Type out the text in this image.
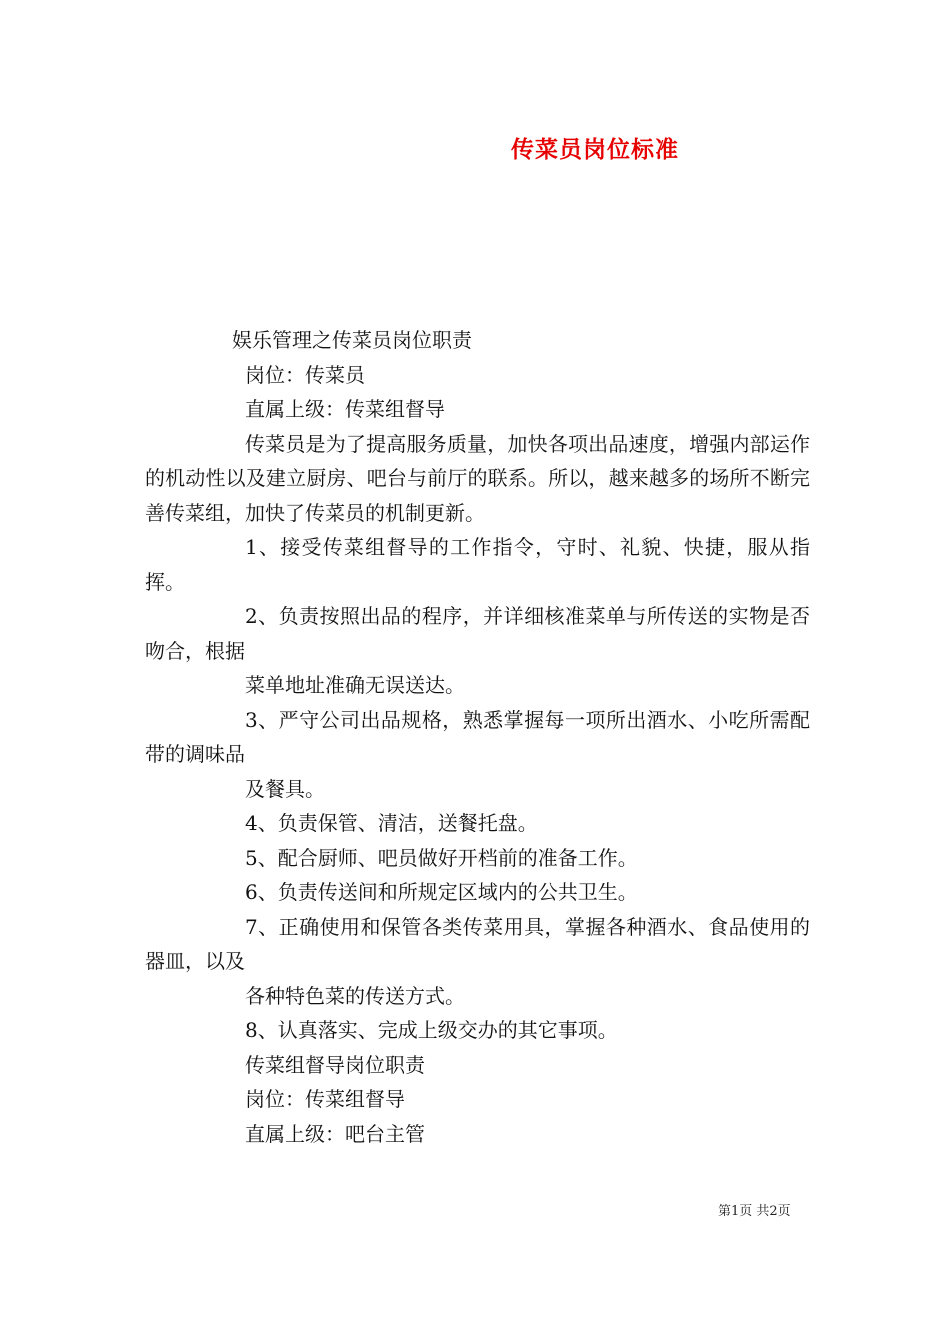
传菜员岗位标准

娱乐管理之传菜员岗位职责

岗位：传菜员

直属上级：传菜组督导

传菜员是为了提高服务质量，加快各项出品速度，增强内部运作的机动性以及建立厨房、吧台与前厅的联系。所以，越来越多的场所不断完善传菜组，加快了传菜员的机制更新。

1、接受传菜组督导的工作指令，守时、礼貌、快捷，服从指挥。

2、负责按照出品的程序，并详细核准菜单与所传送的实物是否吻合，根据

菜单地址准确无误送达。

3、严守公司出品规格，熟悉掌握每一项所出酒水、小吃所需配带的调味品

及餐具。

4、负责保管、清洁，送餐托盘。

5、配合厨师、吧员做好开档前的准备工作。

6、负责传送间和所规定区域内的公共卫生。

7、正确使用和保管各类传菜用具，掌握各种酒水、食品使用的器皿，以及

各种特色菜的传送方式。

8、认真落实、完成上级交办的其它事项。

传菜组督导岗位职责

岗位：传菜组督导

直属上级：吧台主管

第1页 共2页
